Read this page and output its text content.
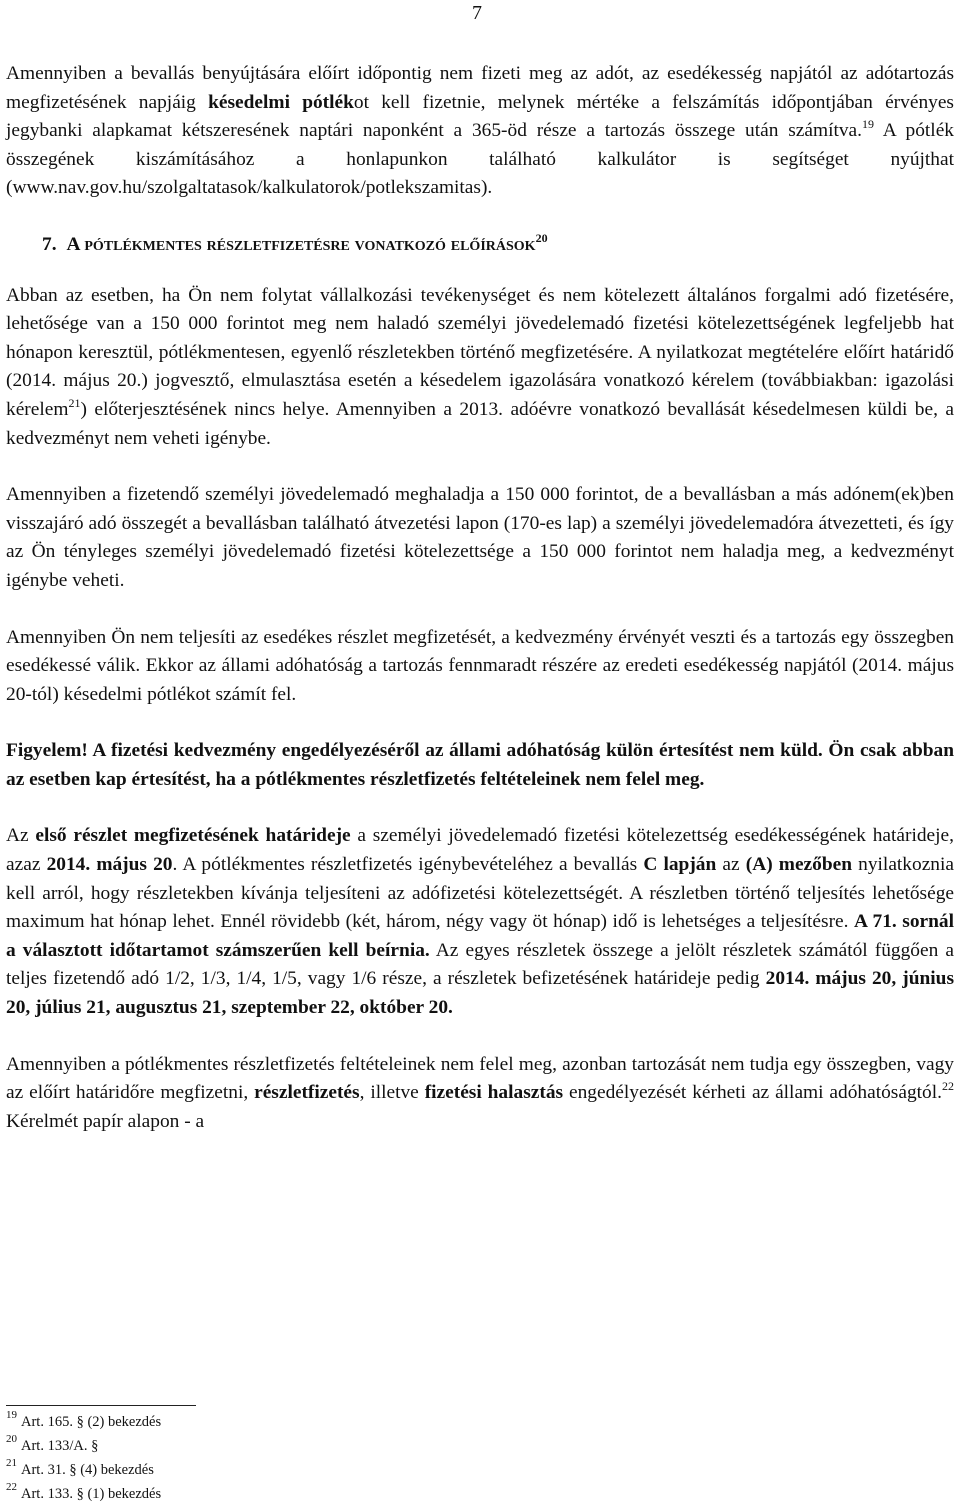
7

Amennyiben a bevallás benyújtására előírt időpontig nem fizeti meg az adót, az esedékesség napjától az adótartozás megfizetésének napjáig késedelmi pótlékot kell fizetnie, melynek mértéke a felszámítás időpontjában érvényes jegybanki alapkamat kétszeresének naptári naponként a 365-öd része a tartozás összege után számítva.$^{19}$ A pótlék összegének kiszámításához a honlapunkon található kalkulátor is segítséget nyújthat (www.nav.gov.hu/szolgaltatasok/kalkulatorok/potlekszamitas).

7. A pótlékmentes részletfizetésre vonatkozó előírások$^{20}$

Abban az esetben, ha Ön nem folytat vállalkozási tevékenységet és nem kötelezett általános forgalmi adó fizetésére, lehetősége van a 150 000 forintot meg nem haladó személyi jövedelemadó fizetési kötelezettségének legfeljebb hat hónapon keresztül, pótlékmentesen, egyenlő részletekben történő megfizetésére. A nyilatkozat megtételére előírt határidő (2014. május 20.) jogvesztő, elmulasztása esetén a késedelem igazolására vonatkozó kérelem (továbbiakban: igazolási kérelem$^{21}$) előterjesztésének nincs helye. Amennyiben a 2013. adóévre vonatkozó bevallását késedelmesen küldi be, a kedvezményt nem veheti igénybe.

Amennyiben a fizetendő személyi jövedelemadó meghaladja a 150 000 forintot, de a bevallásban a más adónem(ek)ben visszajáró adó összegét a bevallásban található átvezetési lapon (170-es lap) a személyi jövedelemadóra átvezetteti, és így az Ön tényleges személyi jövedelemadó fizetési kötelezettsége a 150 000 forintot nem haladja meg, a kedvezményt igénybe veheti.

Amennyiben Ön nem teljesíti az esedékes részlet megfizetését, a kedvezmény érvényét veszti és a tartozás egy összegben esedékessé válik. Ekkor az állami adóhatóság a tartozás fennmaradt részére az eredeti esedékesség napjától (2014. május 20-tól) késedelmi pótlékot számít fel.

Figyelem! A fizetési kedvezmény engedélyezéséről az állami adóhatóság külön értesítést nem küld. Ön csak abban az esetben kap értesítést, ha a pótlékmentes részletfizetés feltételeinek nem felel meg.

Az első részlet megfizetésének határideje a személyi jövedelemadó fizetési kötelezettség esedékességének határideje, azaz 2014. május 20. A pótlékmentes részletfizetés igénybevételéhez a bevallás C lapján az (A) mezőben nyilatkoznia kell arról, hogy részletekben kívánja teljesíteni az adófizetési kötelezettségét. A részletben történő teljesítés lehetősége maximum hat hónap lehet. Ennél rövidebb (két, három, négy vagy öt hónap) idő is lehetséges a teljesítésre. A 71. sornál a választott időtartamot számszerűen kell beírnia. Az egyes részletek összege a jelölt részletek számától függően a teljes fizetendő adó 1/2, 1/3, 1/4, 1/5, vagy 1/6 része, a részletek befizetésének határideje pedig 2014. május 20, június 20, július 21, augusztus 21, szeptember 22, október 20.

Amennyiben a pótlékmentes részletfizetés feltételeinek nem felel meg, azonban tartozását nem tudja egy összegben, vagy az előírt határidőre megfizetni, részletfizetés, illetve fizetési halasztás engedélyezését kérheti az állami adóhatóságtól.$^{22}$ Kérelmét papír alapon - a

$^{19}$ Art. 165. § (2) bekezdés

$^{20}$ Art. 133/A. §

$^{21}$ Art. 31. § (4) bekezdés

$^{22}$ Art. 133. § (1) bekezdés
